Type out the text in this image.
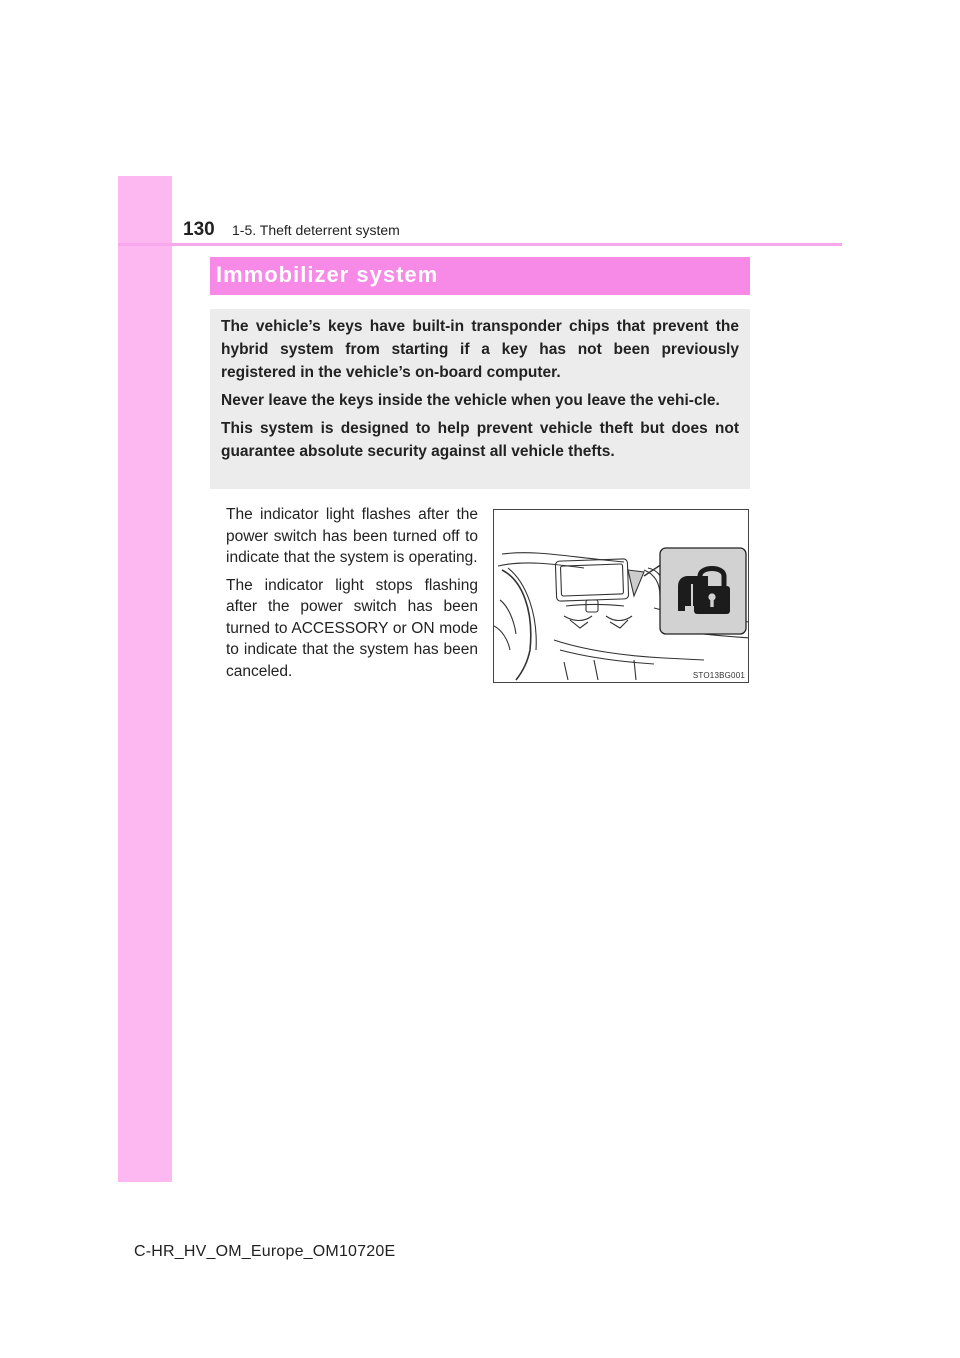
130 1-5. Theft deterrent system
Immobilizer system

The vehicle’s keys have built-in transponder chips that prevent the hybrid system from starting if a key has not been previously registered in the vehicle’s on-board computer.

Never leave the keys inside the vehicle when you leave the vehi-cle.

This system is designed to help prevent vehicle theft but does not guarantee absolute security against all vehicle thefts.

The indicator light flashes after the power switch has been turned off to indicate that the system is operating.

The indicator light stops flashing after the power switch has been turned to ACCESSORY or ON mode to indicate that the system has been canceled.	STO13BG001
C-HR_HV_OM_Europe_OM10720E
